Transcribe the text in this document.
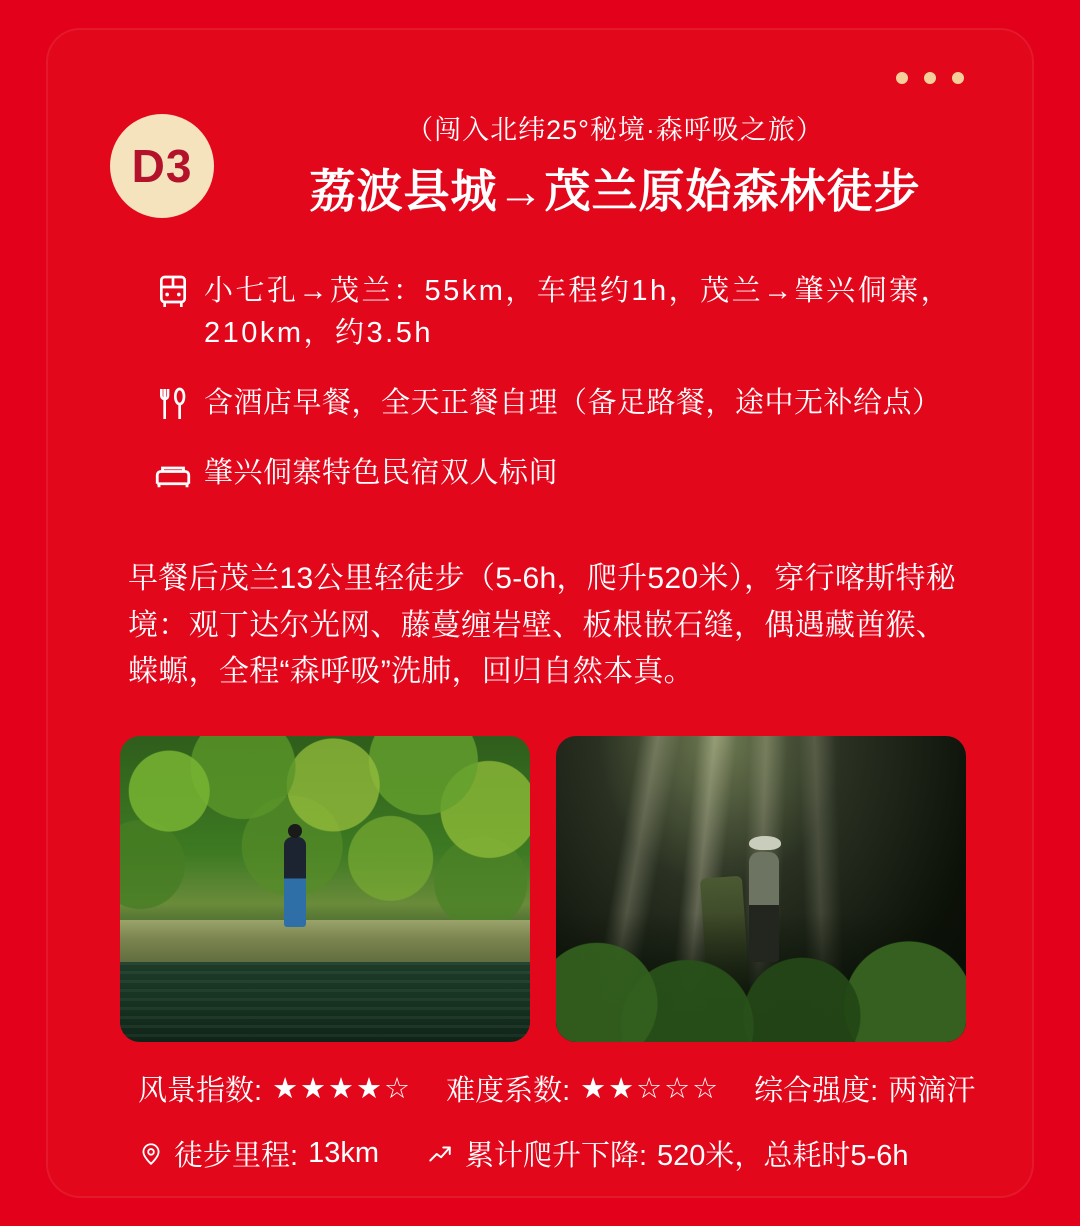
D3
（闯入北纬25°秘境·森呼吸之旅）
荔波县城→茂兰原始森林徒步
小七孔→茂兰：55km，车程约1h，茂兰→肇兴侗寨，210km，约3.5h
含酒店早餐，全天正餐自理（备足路餐，途中无补给点）
肇兴侗寨特色民宿双人标间
早餐后茂兰13公里轻徒步（5-6h，爬升520米），穿行喀斯特秘境：观丁达尔光网、藤蔓缠岩壁、板根嵌石缝，偶遇藏酋猴、蝾螈，全程“森呼吸”洗肺，回归自然本真。
风景指数: ★★★★☆ 难度系数: ★★☆☆☆ 综合强度: 两滴汗
徒步里程: 13km	累计爬升下降: 520米，总耗时5-6h
